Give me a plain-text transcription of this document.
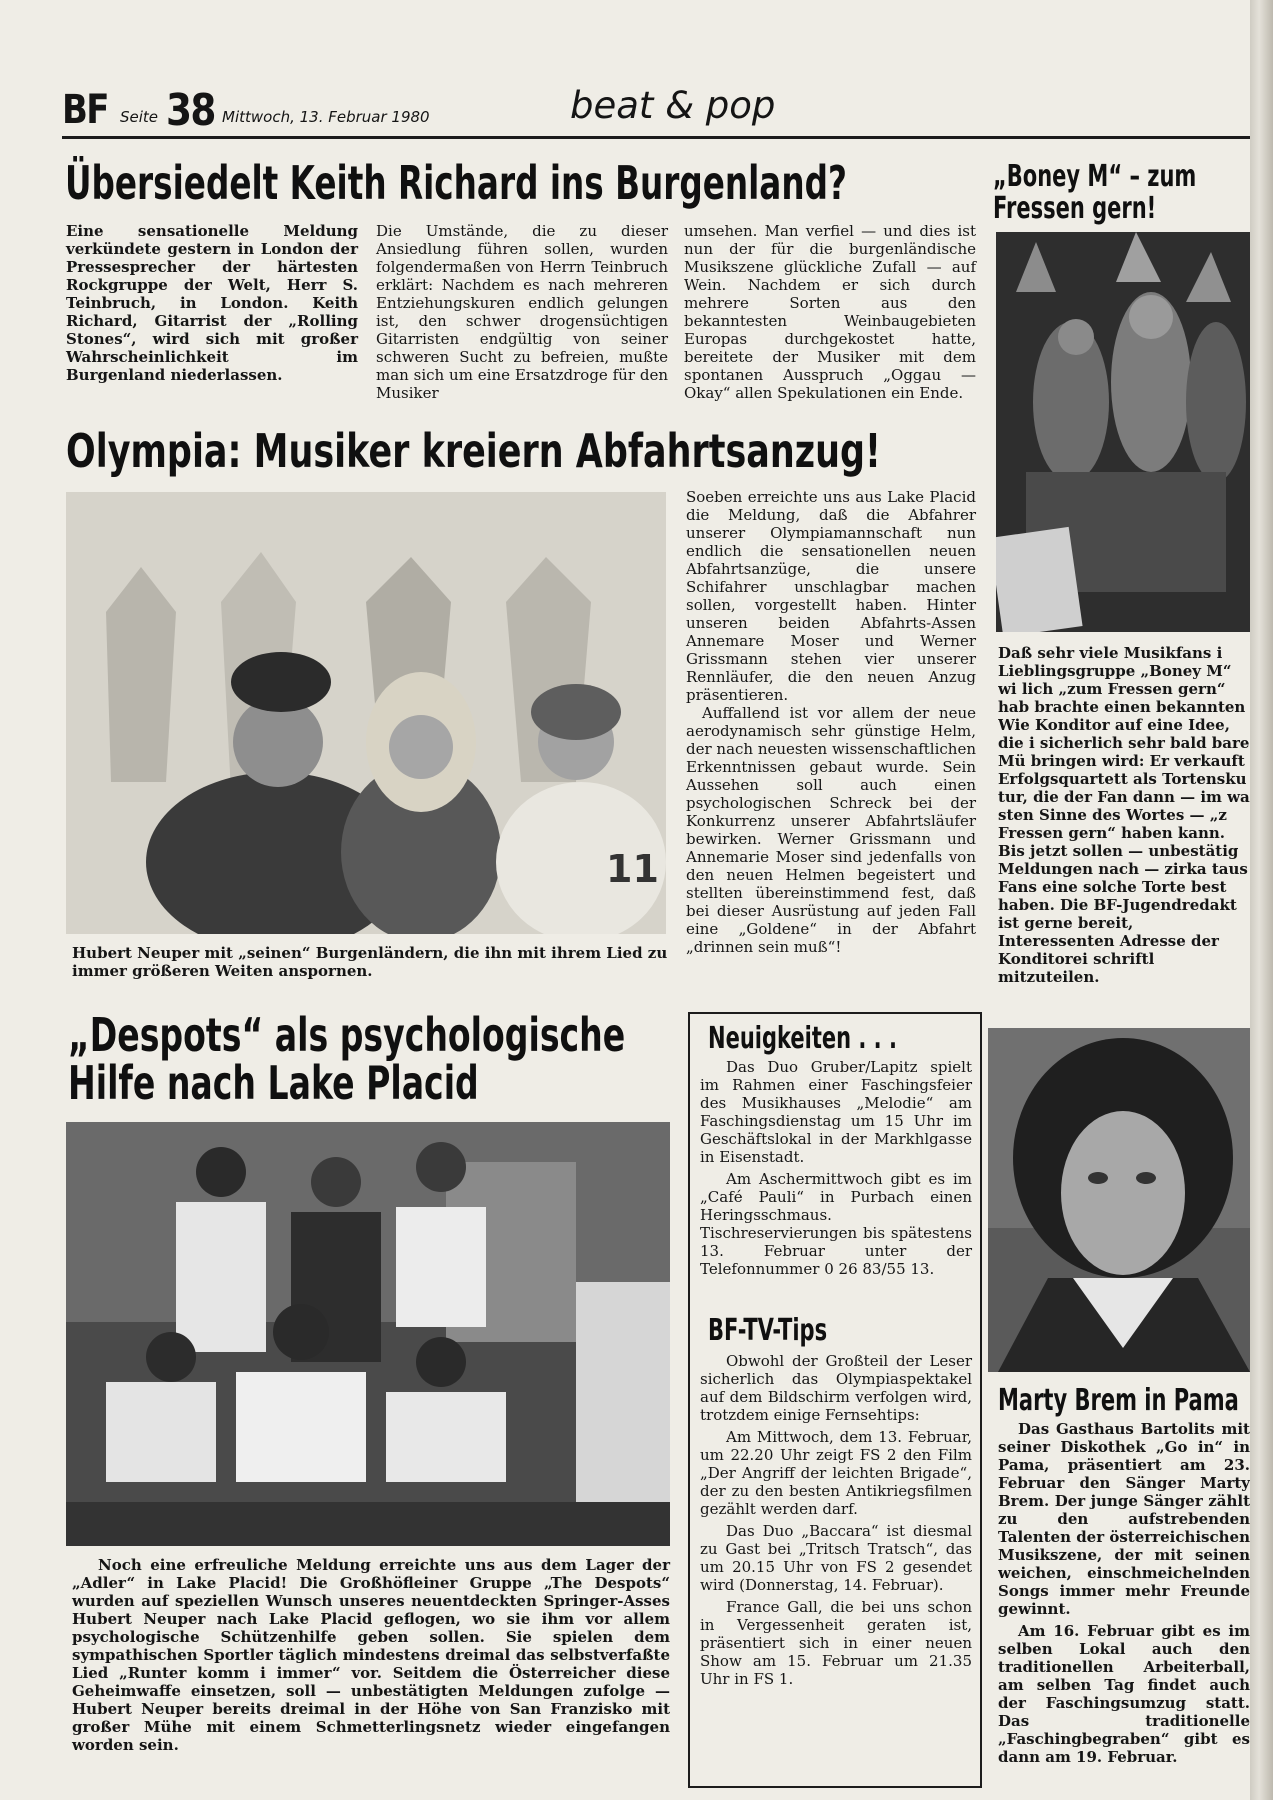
BF Seite 38 Mittwoch, 13. Februar 1980	beat & pop
Übersiedelt Keith Richard ins Burgenland?

Eine sensationelle Meldung verkündete gestern in London der Pressesprecher der härtesten Rockgruppe der Welt, Herr S. Teinbruch, in London. Keith Richard, Gitarrist der „Rolling Stones“, wird sich mit großer Wahrscheinlichkeit im Burgenland niederlassen.

Die Umstände, die zu dieser Ansiedlung führen sollen, wurden folgendermaßen von Herrn Teinbruch erklärt: Nachdem es nach mehreren Entziehungskuren endlich gelungen ist, den schwer drogensüchtigen Gitarristen endgültig von seiner schweren Sucht zu befreien, mußte man sich um eine Ersatzdroge für den Musiker

umsehen. Man verfiel — und dies ist nun der für die burgenländische Musikszene glückliche Zufall — auf Wein. Nachdem er sich durch mehrere Sorten aus den bekanntesten Weinbaugebieten Europas durchgekostet hatte, bereitete der Musiker mit dem spontanen Ausspruch „Oggau — Okay“ allen Spekulationen ein Ende.

„Boney M“ – zum
Fressen gern!

Daß sehr viele Musikfans i Lieblingsgruppe „Boney M“ wi lich „zum Fressen gern“ hab brachte einen bekannten Wie Konditor auf eine Idee, die i sicherlich sehr bald bare Mü bringen wird: Er verkauft Erfolgsquartett als Tortensku tur, die der Fan dann — im wa sten Sinne des Wortes — „z Fressen gern“ haben kann.

Bis jetzt sollen — unbestätig Meldungen nach — zirka taus Fans eine solche Torte best haben. Die BF-Jugendredakt ist gerne bereit, Interessenten Adresse der Konditorei schriftl mitzuteilen.

Olympia: Musiker kreiern Abfahrtsanzug!
11

Hubert Neuper mit „seinen“ Burgenländern, die ihn mit ihrem Lied zu immer größeren Weiten anspornen.

Soeben erreichte uns aus Lake Placid die Meldung, daß die Abfahrer unserer Olympiamannschaft nun endlich die sensationellen neuen Abfahrtsanzüge, die unsere Schifahrer unschlagbar machen sollen, vorgestellt haben. Hinter unseren beiden Abfahrts-Assen Annemare Moser und Werner Grissmann stehen vier unserer Rennläufer, die den neuen Anzug präsentieren.

Auffallend ist vor allem der neue aerodynamisch sehr günstige Helm, der nach neuesten wissenschaftlichen Erkenntnissen gebaut wurde. Sein Aussehen soll auch einen psychologischen Schreck bei der Konkurrenz unserer Abfahrtsläufer bewirken. Werner Grissmann und Annemarie Moser sind jedenfalls von den neuen Helmen begeistert und stellten übereinstimmend fest, daß bei dieser Ausrüstung auf jeden Fall eine „Goldene“ in der Abfahrt „drinnen sein muß“!

„Despots“ als psychologische
Hilfe nach Lake Placid

Noch eine erfreuliche Meldung erreichte uns aus dem Lager der „Adler“ in Lake Placid! Die Großhöfleiner Gruppe „The Despots“ wurden auf speziellen Wunsch unseres neuentdeckten Springer-Asses Hubert Neuper nach Lake Placid geflogen, wo sie ihm vor allem psychologische Schützenhilfe geben sollen. Sie spielen dem sympathischen Sportler täglich mindestens dreimal das selbstverfaßte Lied „Runter komm i immer“ vor. Seitdem die Österreicher diese Geheimwaffe einsetzen, soll — unbestätigten Meldungen zufolge — Hubert Neuper bereits dreimal in der Höhe von San Franzisko mit großer Mühe mit einem Schmetterlingsnetz wieder eingefangen worden sein.

Neuigkeiten . . .

Das Duo Gruber/Lapitz spielt im Rahmen einer Faschingsfeier des Musikhauses „Melodie“ am Faschingsdienstag um 15 Uhr im Geschäftslokal in der Markhlgasse in Eisenstadt.

Am Aschermittwoch gibt es im „Café Pauli“ in Purbach einen Heringsschmaus. Tischreservierungen bis spätestens 13. Februar unter der Telefonnummer 0 26 83/55 13.

BF-TV-Tips

Obwohl der Großteil der Leser sicherlich das Olympiaspektakel auf dem Bildschirm verfolgen wird, trotzdem einige Fernsehtips:

Am Mittwoch, dem 13. Februar, um 22.20 Uhr zeigt FS 2 den Film „Der Angriff der leichten Brigade“, der zu den besten Antikriegsfilmen gezählt werden darf.

Das Duo „Baccara“ ist diesmal zu Gast bei „Tritsch Tratsch“, das um 20.15 Uhr von FS 2 gesendet wird (Donnerstag, 14. Februar).

France Gall, die bei uns schon in Vergessenheit geraten ist, präsentiert sich in einer neuen Show am 15. Februar um 21.35 Uhr in FS 1.

Marty Brem in Pama

Das Gasthaus Bartolits mit seiner Diskothek „Go in“ in Pama, präsentiert am 23. Februar den Sänger Marty Brem. Der junge Sänger zählt zu den aufstrebenden Talenten der österreichischen Musikszene, der mit seinen weichen, einschmeichelnden Songs immer mehr Freunde gewinnt.

Am 16. Februar gibt es im selben Lokal auch den traditionellen Arbeiterball, am selben Tag findet auch der Faschingsumzug statt. Das traditionelle „Faschingbegraben“ gibt es dann am 19. Februar.
